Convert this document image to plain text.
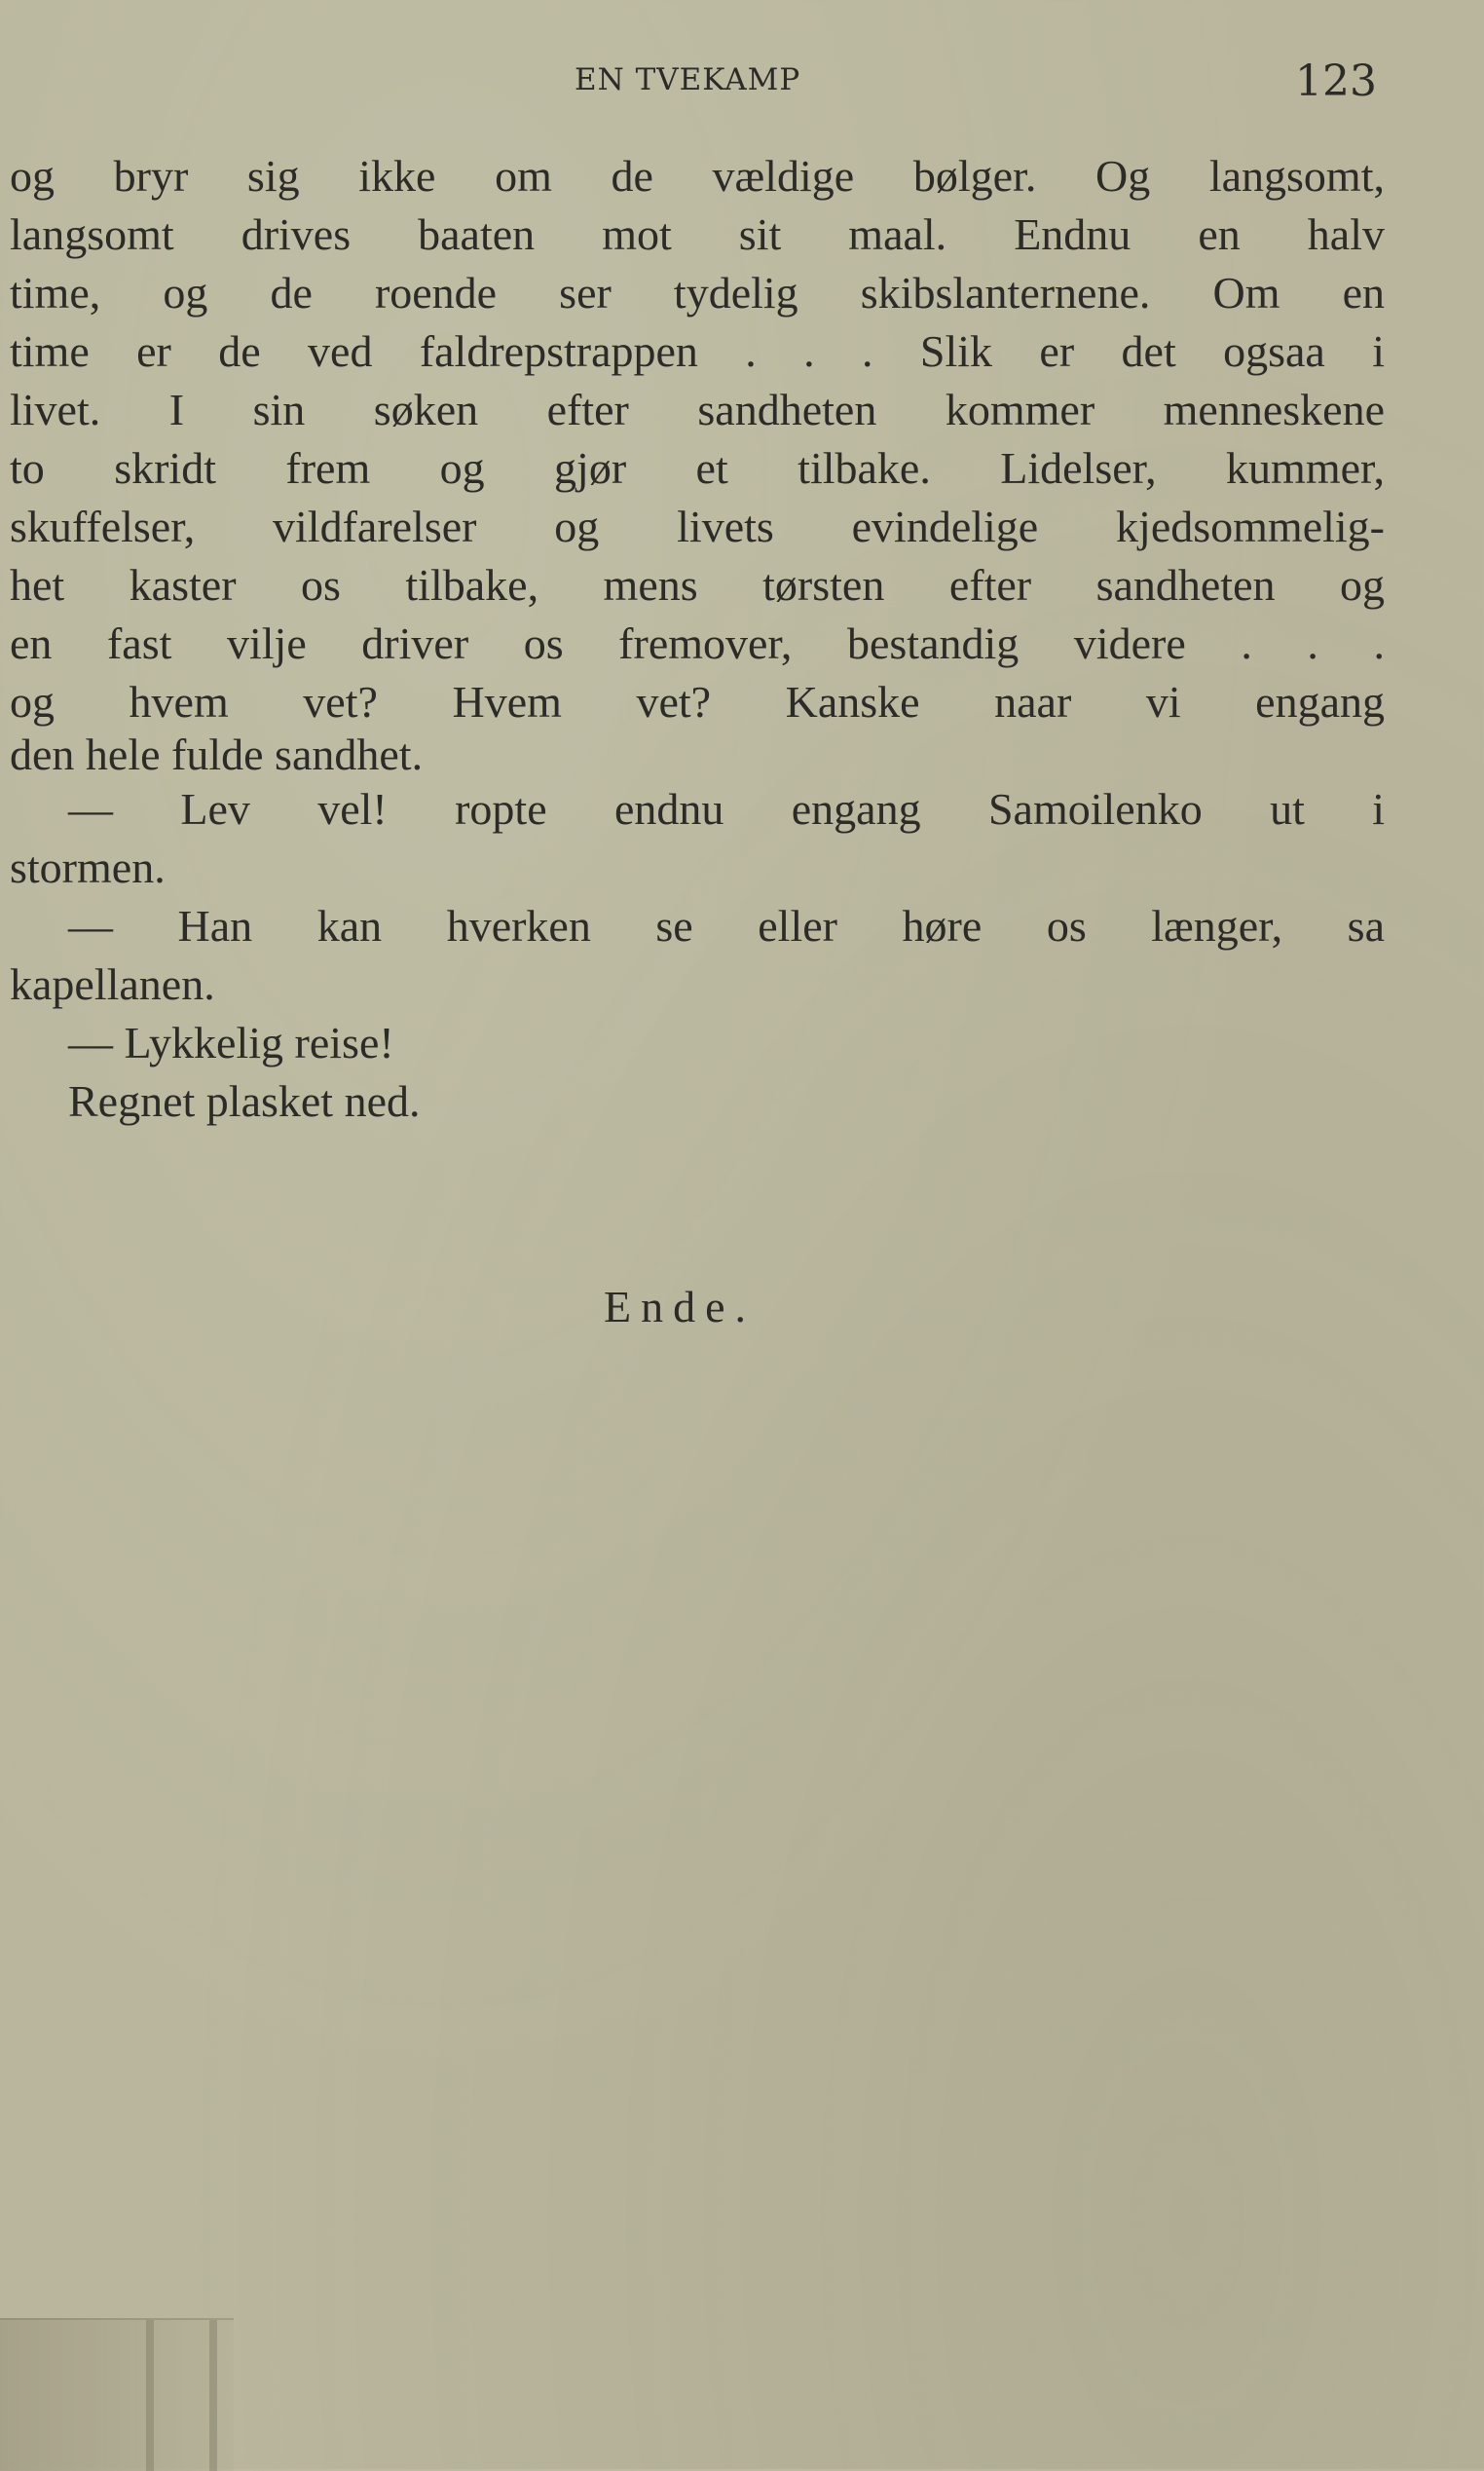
EN TVEKAMP	123
og bryr sig ikke om de vældige bølger. Og langsomt,
langsomt drives baaten mot sit maal. Endnu en halv
time, og de roende ser tydelig skibslanternene. Om en
time er de ved faldrepstrappen . . . Slik er det ogsaa i
livet. I sin søken efter sandheten kommer menneskene
to skridt frem og gjør et tilbake. Lidelser, kummer,
skuffelser, vildfarelser og livets evindelige kjedsommelig-
het kaster os tilbake, mens tørsten efter sandheten og
en fast vilje driver os fremover, bestandig videre . . .
og hvem vet? Hvem vet? Kanske naar vi engang
den hele fulde sandhet.
— Lev vel! ropte endnu engang Samoilenko ut i
stormen.
— Han kan hverken se eller høre os længer, sa
kapellanen.
— Lykkelig reise!
Regnet plasket ned.
Ende.
